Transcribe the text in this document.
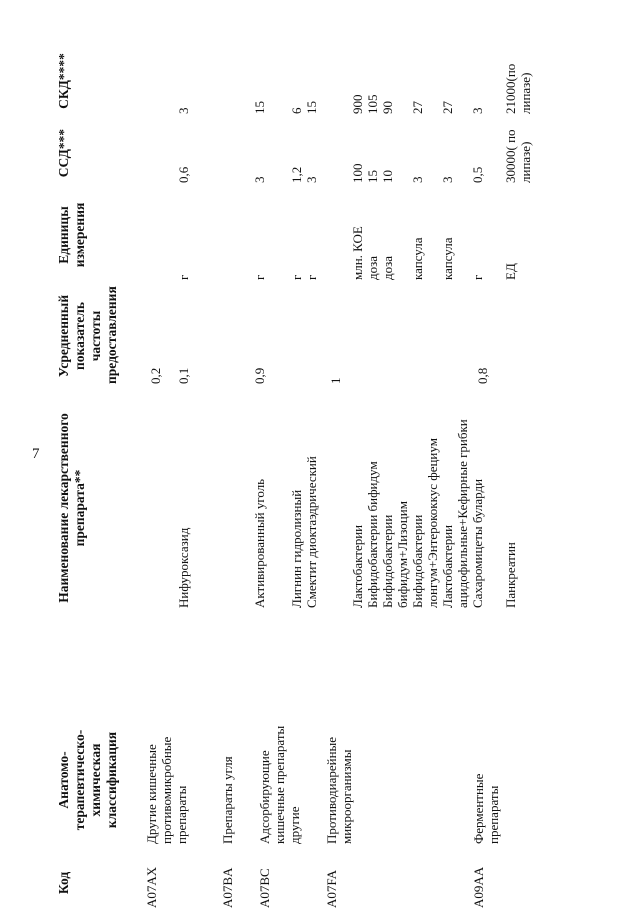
7
Код
Анатомо-терапевтическо-химическая классификация
Наименование лекарственного препарата**
Усредненный показатель частоты предоставления
Единицы измерения
ССД***
СКД****
A07AX
Другие кишечные противомикробные препараты
0,2
Нифуроксазид
0,1
г
0,6
3
A07BA
Препараты угля
Активированный уголь
0,9
г
3
15
A07BC
Адсорбирующие кишечные препараты другие
Лигнин гидролизный
г
1,2
6
Смектит диоктаэдрический
г
3
15
A07FA
Противодиарейные микроорганизмы
1
Лактобактерии
млн. КОЕ
100
900
Бифидобактерии бифидум
доза
15
105
Бифидобактерии бифидум+Лизоцим
доза
10
90
Бифидобактерии лонгум+Энтерококкус фециум
капсула
3
27
Лактобактерии ацидофильные+Кефирные грибки
капсула
3
27
Сахаромицеты буларди
г
0,5
3
A09AA
Ферментные препараты
0,8
Панкреатин
ЕД
30000( по липазе)
21000(по липазе)
